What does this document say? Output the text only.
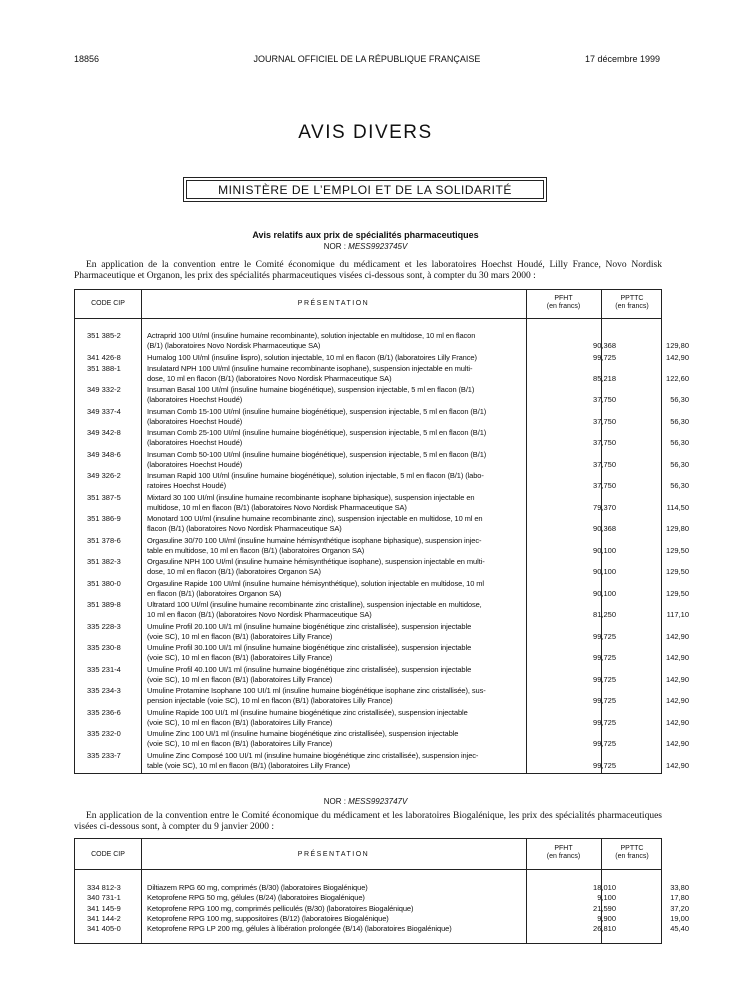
18856	JOURNAL OFFICIEL DE LA RÉPUBLIQUE FRANÇAISE	17 décembre 1999
AVIS DIVERS
MINISTÈRE DE L’EMPLOI ET DE LA SOLIDARITÉ
Avis relatifs aux prix de spécialités pharmaceutiques
NOR : MESS9923745V
En application de la convention entre le Comité économique du médicament et les laboratoires Hoechst Houdé, Lilly France, Novo Nordisk Pharmaceutique et Organon, les prix des spécialités pharmaceutiques visées ci-dessous sont, à compter du 30 mars 2000 :
CODE CIP	PRÉSENTATION
PFHT
(en francs)
PPTTC
(en francs)
351 385-2	Actraprid 100 UI/ml (insuline humaine recombinante), solution injectable en multidose, 10 ml en flacon
(B/1) (laboratoires Novo Nordisk Pharmaceutique SA)	90,368	129,80
341 426-8	Humalog 100 UI/ml (insuline lispro), solution injectable, 10 ml en flacon (B/1) (laboratoires Lilly France)	99,725	142,90
351 388-1	Insulatard NPH 100 UI/ml (insuline humaine recombinante isophane), suspension injectable en multi-
dose, 10 ml en flacon (B/1) (laboratoires Novo Nordisk Pharmaceutique SA)	85,218	122,60
349 332-2	Insuman Basal 100 UI/ml (insuline humaine biogénétique), suspension injectable, 5 ml en flacon (B/1)
(laboratoires Hoechst Houdé)	37,750	56,30
349 337-4	Insuman Comb 15-100 UI/ml (insuline humaine biogénétique), suspension injectable, 5 ml en flacon (B/1)
(laboratoires Hoechst Houdé)	37,750	56,30
349 342-8	Insuman Comb 25-100 UI/ml (insuline humaine biogénétique), suspension injectable, 5 ml en flacon (B/1)
(laboratoires Hoechst Houdé)	37,750	56,30
349 348-6	Insuman Comb 50-100 UI/ml (insuline humaine biogénétique), suspension injectable, 5 ml en flacon (B/1)
(laboratoires Hoechst Houdé)	37,750	56,30
349 326-2	Insuman Rapid 100 UI/ml (insuline humaine biogénétique), solution injectable, 5 ml en flacon (B/1) (labo-
ratoires Hoechst Houdé)	37,750	56,30
351 387-5	Mixtard 30 100 UI/ml (insuline humaine recombinante isophane biphasique), suspension injectable en
multidose, 10 ml en flacon (B/1) (laboratoires Novo Nordisk Pharmaceutique SA)	79,370	114,50
351 386-9	Monotard 100 UI/ml (insuline humaine recombinante zinc), suspension injectable en multidose, 10 ml en
flacon (B/1) (laboratoires Novo Nordisk Pharmaceutique SA)	90,368	129,80
351 378-6	Orgasuline 30/70 100 UI/ml (insuline humaine hémisynthétique isophane biphasique), suspension injec-
table en multidose, 10 ml en flacon (B/1) (laboratoires Organon SA)	90,100	129,50
351 382-3	Orgasuline NPH 100 UI/ml (insuline humaine hémisynthétique isophane), suspension injectable en multi-
dose, 10 ml en flacon (B/1) (laboratoires Organon SA)	90,100	129,50
351 380-0	Orgasuline Rapide 100 UI/ml (insuline humaine hémisynthétique), solution injectable en multidose, 10 ml
en flacon (B/1) (laboratoires Organon SA)	90,100	129,50
351 389-8	Ultratard 100 UI/ml (insuline humaine recombinante zinc cristalline), suspension injectable en multidose,
10 ml en flacon (B/1) (laboratoires Novo Nordisk Pharmaceutique SA)	81,250	117,10
335 228-3	Umuline Profil 20.100 UI/1 ml (insuline humaine biogénétique zinc cristallisée), suspension injectable
(voie SC), 10 ml en flacon (B/1) (laboratoires Lilly France)	99,725	142,90
335 230-8	Umuline Profil 30.100 UI/1 ml (insuline humaine biogénétique zinc cristallisée), suspension injectable
(voie SC), 10 ml en flacon (B/1) (laboratoires Lilly France)	99,725	142,90
335 231-4	Umuline Profil 40.100 UI/1 ml (insuline humaine biogénétique zinc cristallisée), suspension injectable
(voie SC), 10 ml en flacon (B/1) (laboratoires Lilly France)	99,725	142,90
335 234-3	Umuline Protamine Isophane 100 UI/1 ml (insuline humaine biogénétique isophane zinc cristallisée), sus-
pension injectable (voie SC), 10 ml en flacon (B/1) (laboratoires Lilly France)	99,725	142,90
335 236-6	Umuline Rapide 100 UI/1 ml (insuline humaine biogénétique zinc cristallisée), suspension injectable
(voie SC), 10 ml en flacon (B/1) (laboratoires Lilly France)	99,725	142,90
335 232-0	Umuline Zinc 100 UI/1 ml (insuline humaine biogénétique zinc cristallisée), suspension injectable
(voie SC), 10 ml en flacon (B/1) (laboratoires Lilly France)	99,725	142,90
335 233-7	Umuline Zinc Composé 100 UI/1 ml (insuline humaine biogénétique zinc cristallisée), suspension injec-
table (voie SC), 10 ml en flacon (B/1) (laboratoires Lilly France)	99,725	142,90
NOR : MESS9923747V
En application de la convention entre le Comité économique du médicament et les laboratoires Biogalénique, les prix des spécialités pharmaceutiques visées ci-dessous sont, à compter du 9 janvier 2000 :
CODE CIP	PRÉSENTATION
PFHT
(en francs)
PPTTC
(en francs)
334 812-3	Diltiazem RPG 60 mg, comprimés (B/30) (laboratoires Biogalénique)	18,010	33,80
340 731-1	Ketoprofene RPG 50 mg, gélules (B/24) (laboratoires Biogalénique)	9,100	17,80
341 145-9	Ketoprofene RPG 100 mg, comprimés pelliculés (B/30) (laboratoires Biogalénique)	21,590	37,20
341 144-2	Ketoprofene RPG 100 mg, suppositoires (B/12) (laboratoires Biogalénique)	9,900	19,00
341 405-0	Ketoprofene RPG LP 200 mg, gélules à libération prolongée (B/14) (laboratoires Biogalénique)	26,810	45,40
